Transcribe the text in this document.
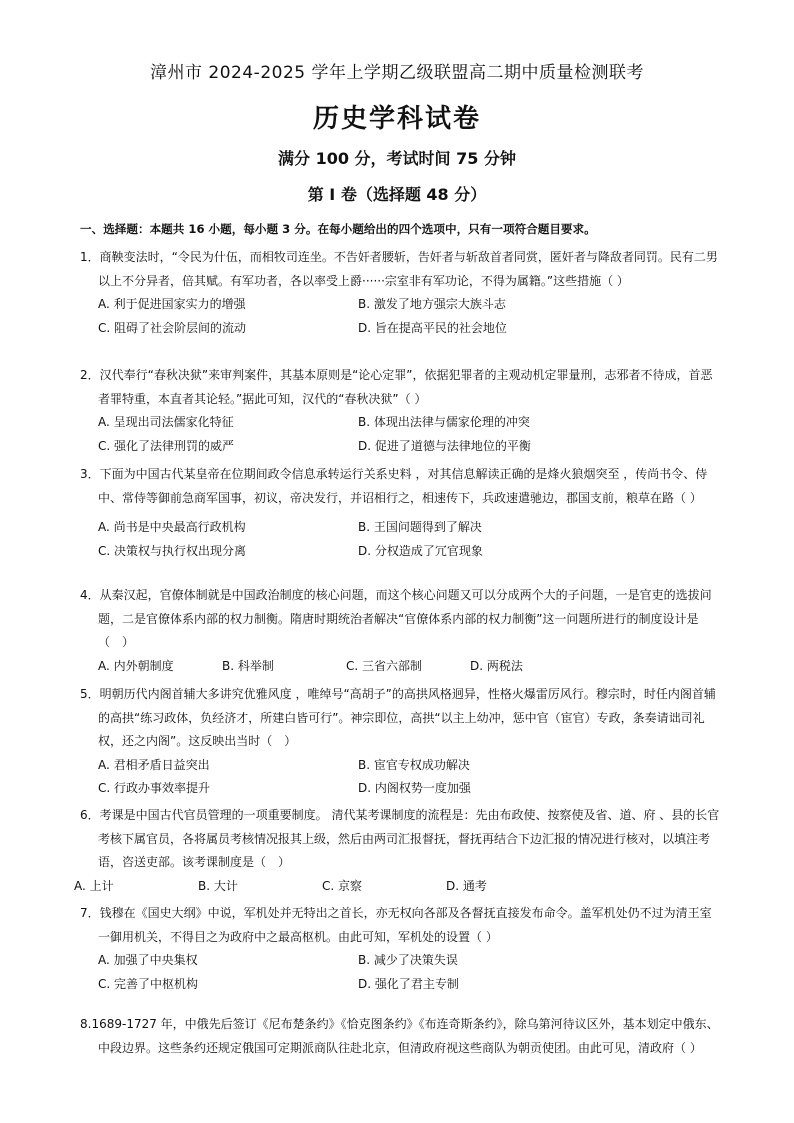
漳州市 2024-2025 学年上学期乙级联盟高二期中质量检测联考
历史学科试卷
满分 100 分，考试时间 75 分钟
第 I 卷（选择题 48 分）
一、选择题：本题共 16 小题，每小题 3 分。在每小题给出的四个选项中，只有一项符合题目要求。
1．商鞅变法时，“令民为什伍，而相牧司连坐。不告奸者腰斩，告奸者与斩敌首者同赏，匿奸者与降敌者同罚。民有二男以上不分异者，倍其赋。有军功者，各以率受上爵······宗室非有军功论，不得为属籍。”这些措施（ ）
A. 利于促进国家实力的增强	B. 激发了地方强宗大族斗志
C. 阻碍了社会阶层间的流动	D. 旨在提高平民的社会地位
2．汉代奉行“春秋决狱”来审判案件，其基本原则是“论心定罪”，依据犯罪者的主观动机定罪量刑，志邪者不待成，首恶者罪特重，本直者其论轻。”据此可知，汉代的“春秋决狱”（ ）
A. 呈现出司法儒家化特征	B. 体现出法律与儒家伦理的冲突
C. 强化了法律刑罚的威严	D. 促进了道德与法律地位的平衡
3．下面为中国古代某皇帝在位期间政令信息承转运行关系史料 ，对其信息解读正确的是烽火狼烟突至 ，传尚书令、侍中、常侍等御前急商军国事，初议，帝决发行，并诏相行之，相速传下，兵政速遣驰边，郡国支前，粮草在路（ ）
A. 尚书是中央最高行政机构	B. 王国问题得到了解决
C. 决策权与执行权出现分离	D. 分权造成了冗官现象
4．从秦汉起，官僚体制就是中国政治制度的核心问题，而这个核心问题又可以分成两个大的子问题，一是官吏的选拔问题，二是官僚体系内部的权力制衡。隋唐时期统治者解决“官僚体系内部的权力制衡”这一问题所进行的制度设计是（　）
A. 内外朝制度	B. 科举制	C. 三省六部制	D. 两税法
5．明朝历代内阁首辅大多讲究优雅风度 ，唯绰号“高胡子”的高拱风格迥异，性格火爆雷厉风行。穆宗时，时任内阁首辅的高拱“练习政体，负经济才，所建白皆可行”。神宗即位，高拱“以主上幼冲，惩中官（宦官）专政，条奏请诎司礼权，还之内阁”。这反映出当时（　）
A. 君相矛盾日益突出	B. 宦官专权成功解决
C. 行政办事效率提升	D. 内阁权势一度加强
6．考课是中国古代官员管理的一项重要制度。 清代某考课制度的流程是：先由布政使、按察使及省、道、府 、县的长官考核下属官员，各将属员考核情况报其上级，然后由两司汇报督抚，督抚再结合下边汇报的情况进行核对，以填注考语，咨送吏部。该考课制度是（　）
A. 上计	B. 大计	C. 京察	D. 通考
7．钱穆在《国史大纲》中说，军机处并无特出之首长，亦无权向各部及各督抚直接发布命令。盖军机处仍不过为清王室一御用机关，不得目之为政府中之最高枢机。由此可知，军机处的设置（ ）
A. 加强了中央集权	B. 减少了决策失误
C. 完善了中枢机构	D. 强化了君主专制
8.1689-1727 年，中俄先后签订《尼布楚条约》《恰克图条约》《布连奇斯条约》，除乌第河待议区外，基本划定中俄东、中段边界。这些条约还规定俄国可定期派商队往赴北京，但清政府视这些商队为朝贡使团。由此可见，清政府（ ）
